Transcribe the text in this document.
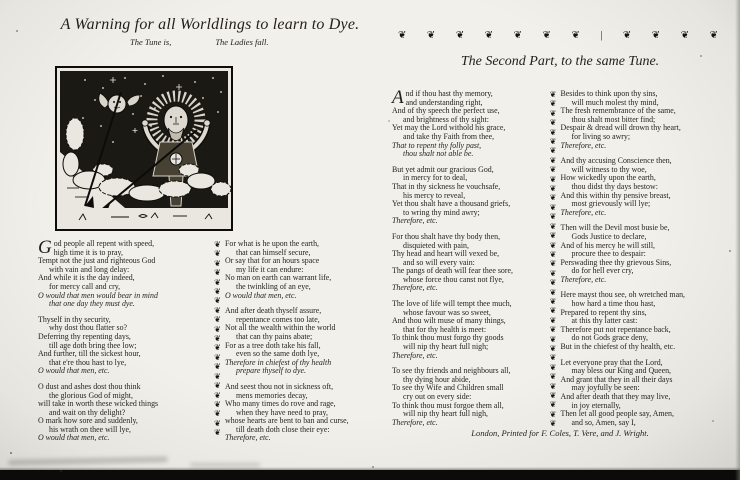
A Warning for all Worldlings to learn to Dye.
The Tune is,	The Ladies fall.
G od people all repent with speed,
high time it is to pray,
Tempt not the just and righteous God
with vain and long delay:
And while it is the day indeed,
for mercy call and cry,
O would that men would bear in mind
that one day they must dye.
Thyself in thy security,
why dost thou flatter so?
Deferring thy repenting days,
till age doth bring thee low;
And further, till the sickest hour,
that e're thou hast to lye,
O would that men, etc.
O dust and ashes dost thou think
the glorious God of might,
will take in worth these wicked things
and wait on thy delight?
O mark how sore and suddenly,
his wrath on thee will lye,
O would that men, etc.
❦
❦
❦
❦
❦
❦
❦
❦
❦
❦
❦
❦
❦
❦
❦
❦
❦
❦
❦
❦
❦
For what is he upon the earth,
that can himself secure,
Or say that for an hours space
my life it can endure:
No man on earth can warrant life,
the twinkling of an eye,
O would that men, etc.
And after death thyself assure,
repentance comes too late,
Not all the wealth within the world
that can thy pains abate;
For as a tree doth take his fall,
even so the same doth lye,
Therefore in chiefest of thy health
prepare thyself to dye.
And seest thou not in sickness oft,
mens memories decay,
Who many times do rove and rage,
when they have need to pray,
whose hearts are bent to ban and curse,
till death doth close their eye:
Therefore, etc.
❦ ❦ ❦ ❦ ❦ ❦ ❦ | ❦ ❦ ❦ ❦
The Second Part, to the same Tune.
A nd if thou hast thy memory,
and understanding right,
And of thy speech the perfect use,
and brightness of thy sight:
Yet may the Lord withold his grace,
and take thy Faith from thee,
That to repent thy folly past,
thou shalt not able be.
But yet admit our gracious God,
in mercy for to deal,
That in thy sickness he vouchsafe,
his mercy to reveal,
Yet thou shalt have a thousand griefs,
to wring thy mind awry;
Therefore, etc.
For thou shalt have thy body then,
disquieted with pain,
Thy head and heart will vexed be,
and so will every vain:
The pangs of death will fear thee sore,
whose force thou canst not flye,
Therefore, etc.
The love of life will tempt thee much,
whose favour was so sweet,
And thou wilt muse of many things,
that for thy health is meet:
To think thou must forgo thy goods
will nip thy heart full nigh;
Therefore, etc.
To see thy friends and neighbours all,
thy dying hour abide,
To see thy Wife and Children small
cry out on every side:
To think thou must forgoe them all,
will nip thy heart full nigh,
Therefore, etc.
❦
❦
❦
❦
❦
❦
❦
❦
❦
❦
❦
❦
❦
❦
❦
❦
❦
❦
❦
❦
❦
❦
❦
❦
❦
❦
❦
❦
❦
❦
❦
❦
❦
❦
❦
❦
Besides to think upon thy sins,
will much molest thy mind,
The fresh remembrance of the same,
thou shalt most bitter find;
Despair & dread will drown thy heart,
for living so awry;
Therefore, etc.
And thy accusing Conscience then,
will witness to thy woe,
How wickedly upon the earth,
thou didst thy days bestow:
And this within thy pensive breast,
most grievously will lye;
Therefore, etc.
Then will the Devil most busie be,
Gods Justice to declare,
And of his mercy he will still,
procure thee to despair:
Perswading thee thy grievous Sins,
do for hell ever cry,
Therefore, etc.
Here mayst thou see, oh wretched man,
how hard a time thou hast,
Prepared to repent thy sins,
at this thy latter cast:
Therefore put not repentance back,
do not Gods grace deny,
But in the chiefest of thy health, etc.
Let everyone pray that the Lord,
may bless our King and Queen,
And grant that they in all their days
may joyfully be seen:
And after death that they may live,
in joy eternally,
Then let all good people say, Amen,
and so, Amen, say I,
London, Printed for F. Coles, T. Vere, and J. Wright.
